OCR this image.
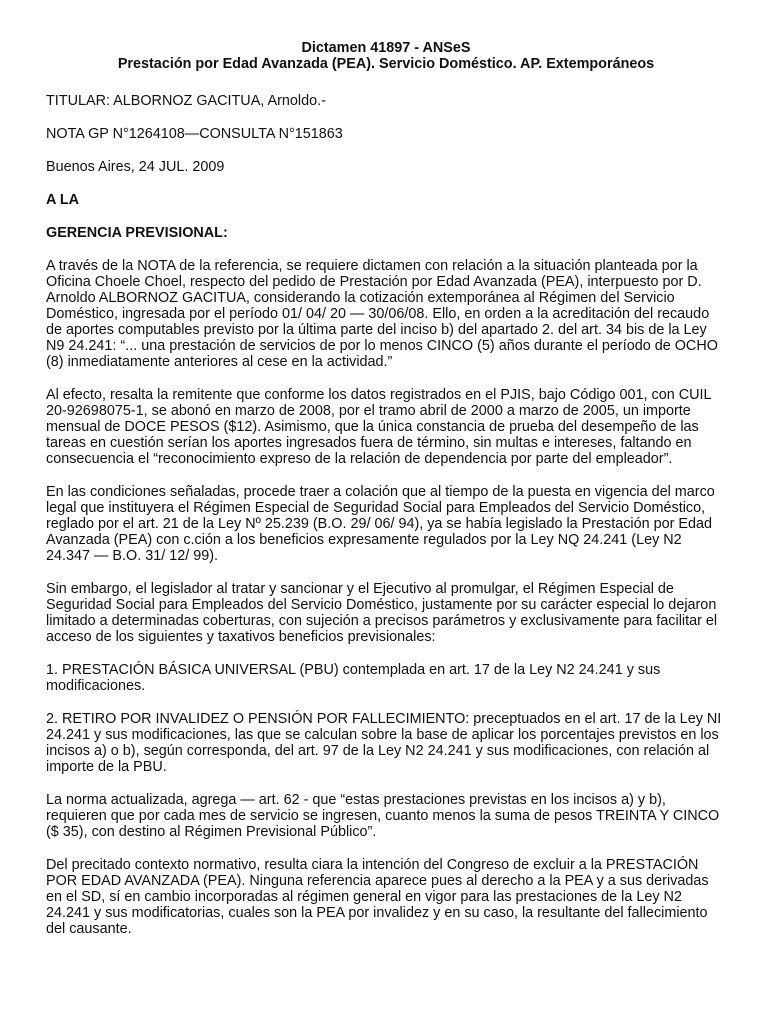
Dictamen 41897 - ANSeS
Prestación por Edad Avanzada (PEA). Servicio Doméstico. AP. Extemporáneos

TITULAR: ALBORNOZ GACITUA, Arnoldo.-

NOTA GP N°1264108—CONSULTA N°151863

Buenos Aires, 24 JUL. 2009

A LA

GERENCIA PREVISIONAL:

A través de la NOTA de la referencia, se requiere dictamen con relación a la situación planteada por la Oficina Choele Choel, respecto del pedido de Prestación por Edad Avanzada (PEA), interpuesto por D. Arnoldo ALBORNOZ GACITUA, considerando la cotización extemporánea al Régimen del Servicio Doméstico, ingresada por el período 01/ 04/ 20 — 30/06/08. Ello, en orden a la acreditación del recaudo de aportes computables previsto por la última parte del inciso b) del apartado 2. del art. 34 bis de la Ley N9 24.241: “... una prestación de servicios de por lo menos CINCO (5) años durante el período de OCHO (8) inmediatamente anteriores al cese en la actividad.”

Al efecto, resalta la remitente que conforme los datos registrados en el PJIS, bajo Código 001, con CUIL 20-92698075-1, se abonó en marzo de 2008, por el tramo abril de 2000 a marzo de 2005, un importe mensual de DOCE PESOS ($12). Asimismo, que la única constancia de prueba del desempeño de las tareas en cuestión serían los aportes ingresados fuera de término, sin multas e intereses, faltando en consecuencia el “reconocimiento expreso de la relación de dependencia por parte del empleador”.

En las condiciones señaladas, procede traer a colación que al tiempo de la puesta en vigencia del marco legal que instituyera el Régimen Especial de Seguridad Social para Empleados del Servicio Doméstico, reglado por el art. 21 de la Ley Nº 25.239 (B.O. 29/ 06/ 94), ya se había legislado la Prestación por Edad Avanzada (PEA) con c.ción a los beneficios expresamente regulados por la Ley NQ 24.241 (Ley N2 24.347 — B.O. 31/ 12/ 99).

Sin embargo, el legislador al tratar y sancionar y el Ejecutivo al promulgar, el Régimen Especial de Seguridad Social para Empleados del Servicio Doméstico, justamente por su carácter especial lo dejaron limitado a determinadas coberturas, con sujeción a precisos parámetros y exclusivamente para facilitar el acceso de los siguientes y taxativos beneficios previsionales:

1. PRESTACIÓN BÁSICA UNIVERSAL (PBU) contemplada en art. 17 de la Ley N2 24.241 y sus modificaciones.

2. RETIRO POR INVALIDEZ O PENSIÓN POR FALLECIMIENTO: preceptuados en el art. 17 de la Ley NI 24.241 y sus modificaciones, las que se calculan sobre la base de aplicar los porcentajes previstos en los incisos a) o b), según corresponda, del art. 97 de la Ley N2 24.241 y sus modificaciones, con relación al importe de la PBU.

La norma actualizada, agrega — art. 62 - que “estas prestaciones previstas en los incisos a) y b), requieren que por cada mes de servicio se ingresen, cuanto menos la suma de pesos TREINTA Y CINCO ($ 35), con destino al Régimen Previsional Público”.

Del precitado contexto normativo, resulta ciara la intención del Congreso de excluir a la PRESTACIÓN POR EDAD AVANZADA (PEA). Ninguna referencia aparece pues al derecho a la PEA y a sus derivadas en el SD, sí en cambio incorporadas al régimen general en vigor para las prestaciones de la Ley N2 24.241 y sus modificatorias, cuales son la PEA por invalidez y en su caso, la resultante del fallecimiento del causante.
